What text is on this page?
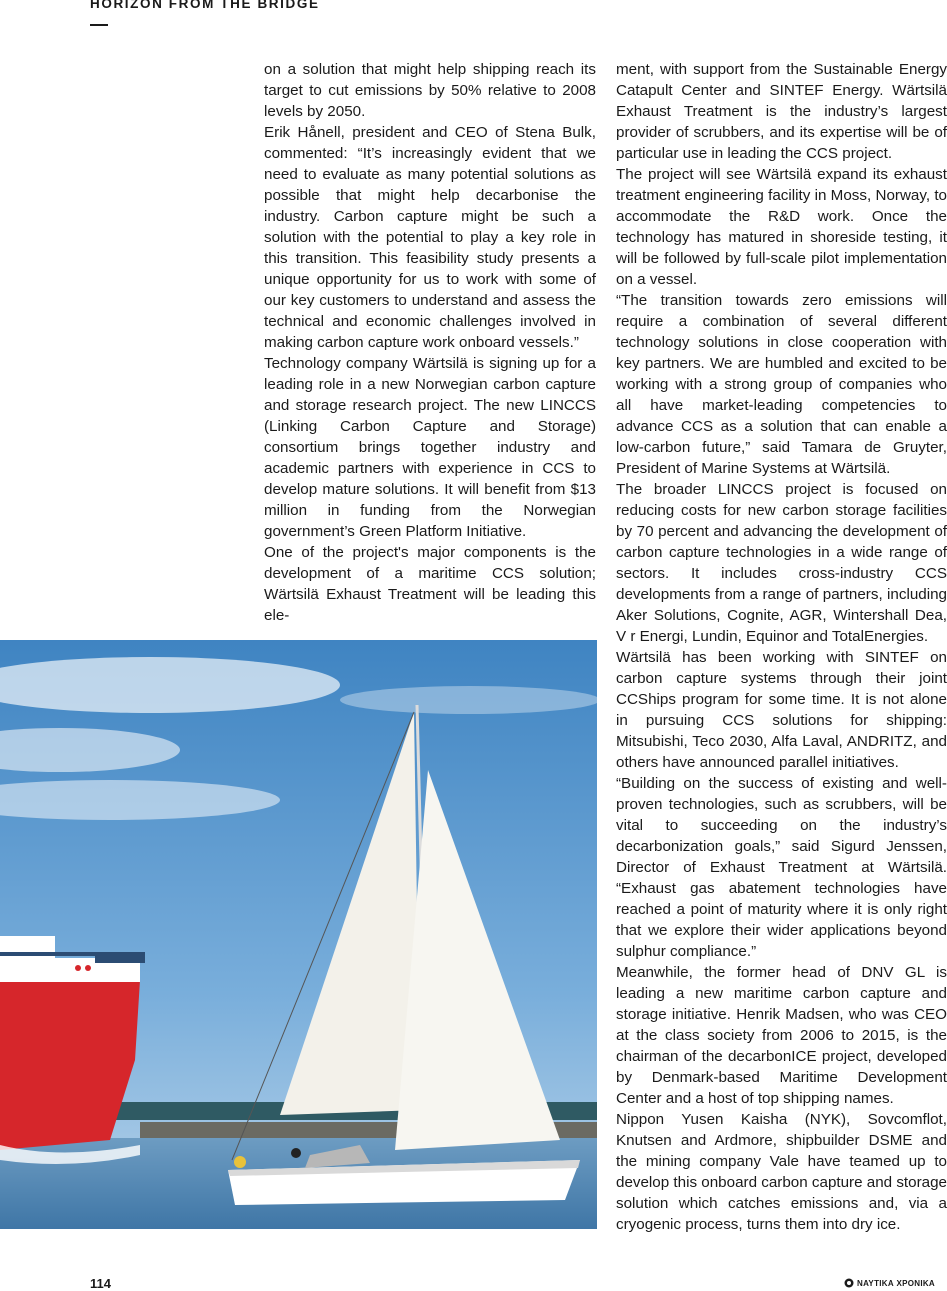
HORIZON FROM THE BRIDGE

on a solution that might help shipping reach its target to cut emissions by 50% relative to 2008 levels by 2050.

Erik Hånell, president and CEO of Stena Bulk, commented: “It’s increasingly evident that we need to evaluate as many potential solutions as possible that might help decarbonise the industry. Carbon capture might be such a solution with the potential to play a key role in this transition. This feasibility study presents a unique opportunity for us to work with some of our key customers to understand and assess the technical and economic challenges involved in making carbon capture work onboard vessels.”

Technology company Wärtsilä is signing up for a leading role in a new Norwegian carbon capture and storage research project. The new LINCCS (Linking Carbon Capture and Storage) consortium brings together industry and academic partners with experience in CCS to develop mature solutions. It will benefit from $13 million in funding from the Norwegian government’s Green Platform Initiative.

One of the project's major components is the development of a maritime CCS solution; Wärtsilä Exhaust Treatment will be leading this ele-

ment, with support from the Sustainable Energy Catapult Center and SINTEF Energy. Wärtsilä Exhaust Treatment is the industry’s largest provider of scrubbers, and its expertise will be of particular use in leading the CCS project.

The project will see Wärtsilä expand its exhaust treatment engineering facility in Moss, Norway, to accommodate the R&D work. Once the technology has matured in shoreside testing, it will be followed by full-scale pilot implementation on a vessel.

“The transition towards zero emissions will require a combination of several different technology solutions in close cooperation with key partners. We are humbled and excited to be working with a strong group of companies who all have market-leading competencies to advance CCS as a solution that can enable a low-carbon future,” said Tamara de Gruyter, President of Marine Systems at Wärtsilä.

The broader LINCCS project is focused on reducing costs for new carbon storage facilities by 70 percent and advancing the development of carbon capture technologies in a wide range of sectors. It includes cross-industry CCS developments from a range of partners, including Aker Solutions, Cognite, AGR, Wintershall Dea, V r Energi, Lundin, Equinor and TotalEnergies.

Wärtsilä has been working with SINTEF on carbon capture systems through their joint CCShips program for some time. It is not alone in pursuing CCS solutions for shipping: Mitsubishi, Teco 2030, Alfa Laval, ANDRITZ, and others have announced parallel initiatives.

“Building on the success of existing and well-proven technologies, such as scrubbers, will be vital to succeeding on the industry’s decarbonization goals,” said Sigurd Jenssen, Director of Exhaust Treatment at Wärtsilä. “Exhaust gas abatement technologies have reached a point of maturity where it is only right that we explore their wider applications beyond sulphur compliance.”

Meanwhile, the former head of DNV GL is leading a new maritime carbon capture and storage initiative. Henrik Madsen, who was CEO at the class society from 2006 to 2015, is the chairman of the decarbonICE project, developed by Denmark-based Maritime Development Center and a host of top shipping names.

Nippon Yusen Kaisha (NYK), Sovcomflot, Knutsen and Ardmore, shipbuilder DSME and the mining company Vale have teamed up to develop this onboard carbon capture and storage solution which catches emissions and, via a cryogenic process, turns them into dry ice.

114	ΝΑΥΤΙΚΑ ΧΡΟΝΙΚΑ
